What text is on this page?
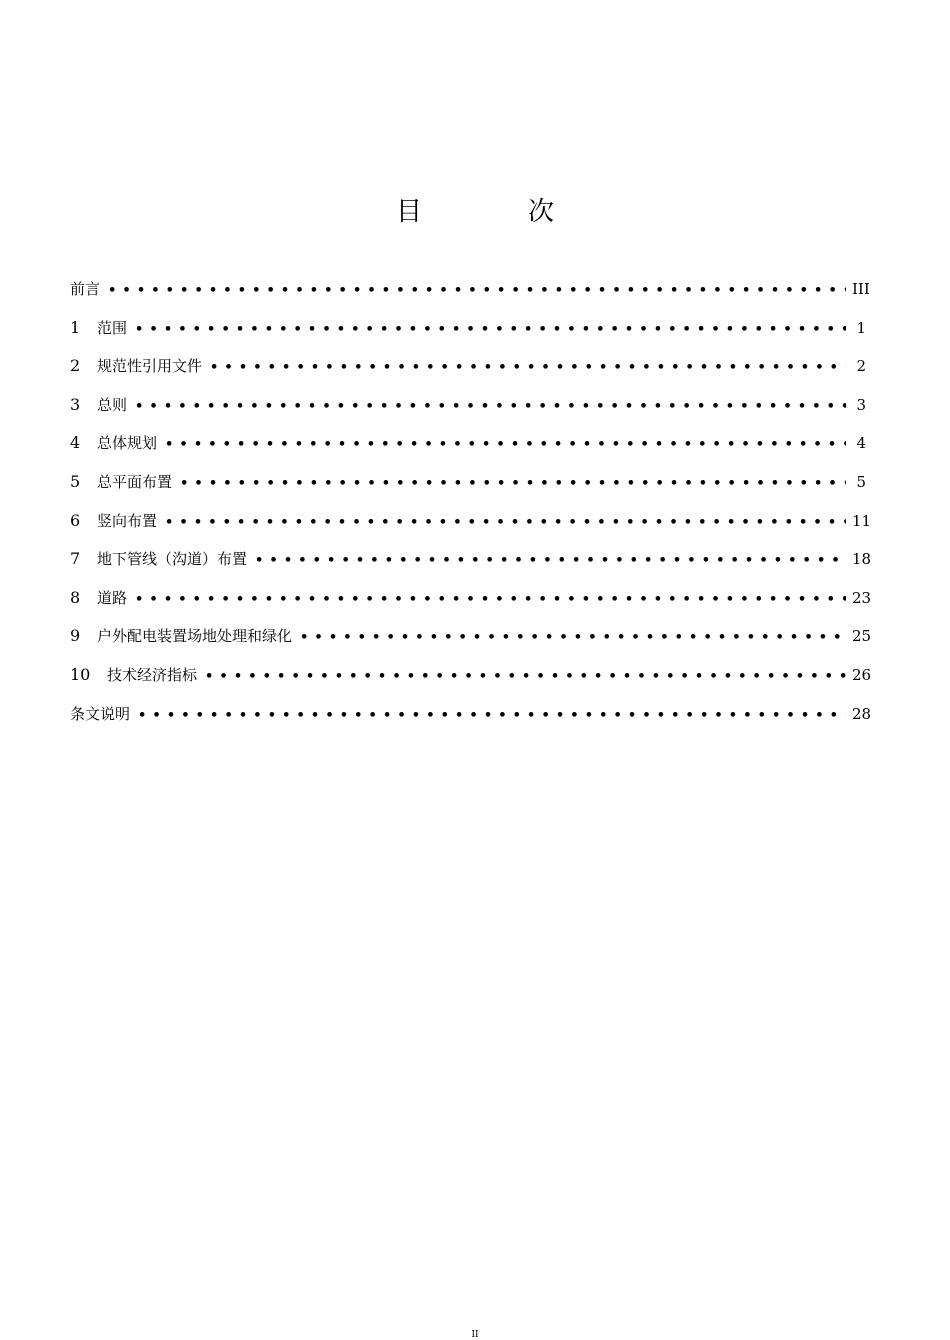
目　次
前言 •••••	III
1	范围 •••••	1
2	规范性引用文件 •••••	2
3	总则 •••••	3
4	总体规划 •••••	4
5	总平面布置 •••••	5
6	竖向布置 •••••	11
7	地下管线（沟道）布置 •••••	18
8	道路 •••••	23
9	户外配电装置场地处理和绿化 •••••	25
10	技术经济指标 •••••	26
条文说明 •••••	28
II
